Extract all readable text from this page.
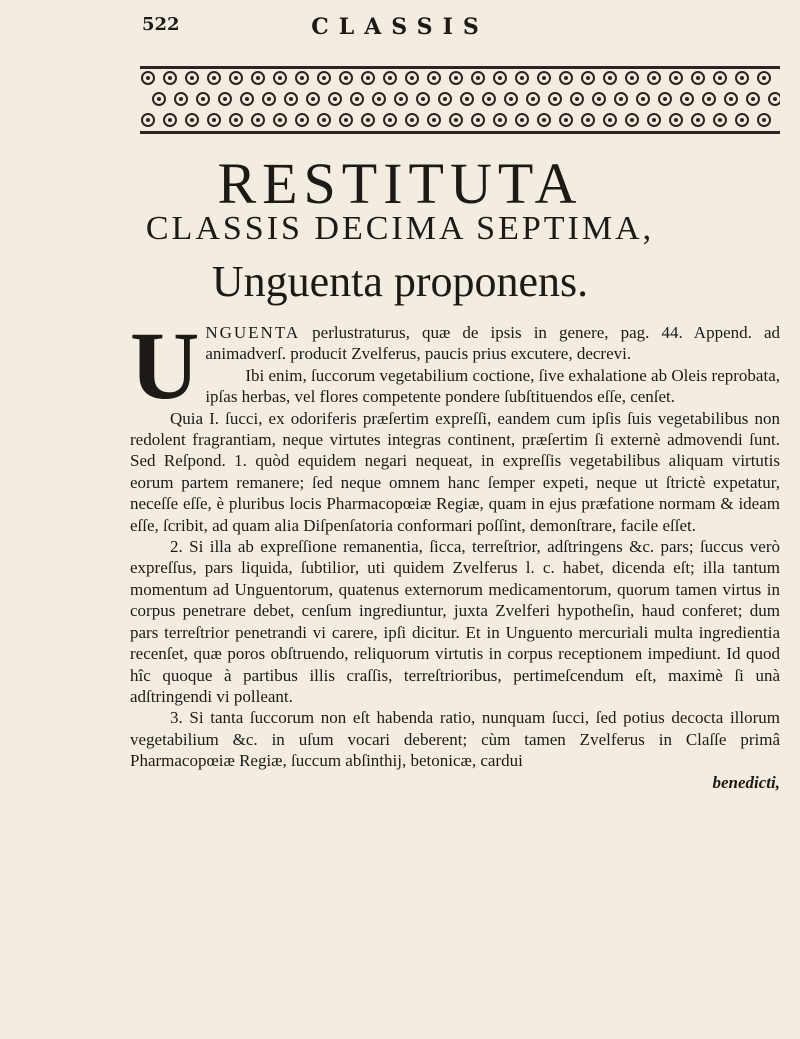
522	CLASSIS
RESTITUTA
CLASSIS DECIMA SEPTIMA,
Unguenta proponens.
U NGUENTA perlustraturus, quæ de ipsis in genere, pag. 44. Append. ad animadverſ. producit Zvelferus, paucis prius excutere, decrevi.

Ibi enim, ſuccorum vegetabilium coctione, ſive exhalatione ab Oleis reprobata, ipſas herbas, vel flores competente pondere ſubſtituendos eſſe, cenſet.

Quia I. ſucci, ex odoriferis præſertim expreſſi, eandem cum ipſis ſuis vegetabilibus non redolent fragrantiam, neque virtutes integras continent, præſertim ſi externè admovendi ſunt. Sed Reſpond. 1. quòd equidem negari nequeat, in expreſſis vegetabilibus aliquam virtutis eorum partem remanere; ſed neque omnem hanc ſemper expeti, neque ut ſtrictè expetatur, neceſſe eſſe, è pluribus locis Pharmacopœiæ Regiæ, quam in ejus præfatione normam & ideam eſſe, ſcribit, ad quam alia Diſpenſatoria conformari poſſint, demonſtrare, facile eſſet.

2. Si illa ab expreſſione remanentia, ſicca, terreſtrior, adſtringens &c. pars; ſuccus verò expreſſus, pars liquida, ſubtilior, uti quidem Zvelferus l. c. habet, dicenda eſt; illa tantum momentum ad Unguentorum, quatenus externorum medicamentorum, quorum tamen virtus in corpus penetrare debet, cenſum ingrediuntur, juxta Zvelferi hypotheſin, haud conferet; dum pars terreſtrior penetrandi vi carere, ipſi dicitur. Et in Unguento mercuriali multa ingredientia recenſet, quæ poros obſtruendo, reliquorum virtutis in corpus receptionem impediunt. Id quod hîc quoque à partibus illis craſſis, terreſtrioribus, pertimeſcendum eſt, maximè ſi unà adſtringendi vi polleant.

3. Si tanta ſuccorum non eſt habenda ratio, nunquam ſucci, ſed potius decocta illorum vegetabilium &c. in uſum vocari deberent; cùm tamen Zvelferus in Claſſe primâ Pharmacopœiæ Regiæ, ſuccum abſinthij, betonicæ, cardui

benedicti,
